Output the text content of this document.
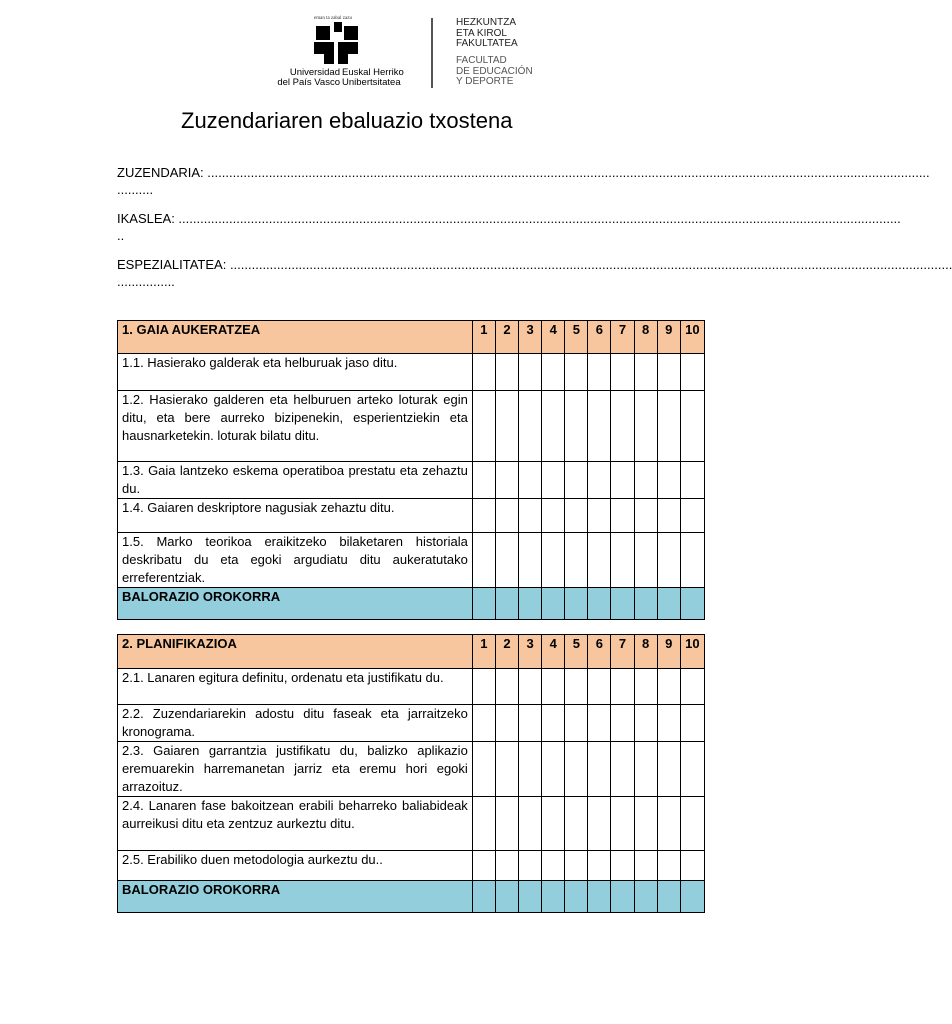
eman ta zabal zazu
Universidad
del País Vasco
Euskal Herriko
Unibertsitatea
HEZKUNTZA
ETA KIROL
FAKULTATEA
FACULTAD
DE EDUCACIÓN
Y DEPORTE
Zuzendariaren ebaluazio txostena
ZUZENDARIA: ........................................................................................................................................................................................................
..........
IKASLEA: ........................................................................................................................................................................................................
..
ESPEZIALITATEA: ........................................................................................................................................................................................................
................
1. GAIA AUKERATZEA	1	2	3	4	5	6	7	8	9	10
1.1. Hasierako galderak eta helburuak jaso ditu.										
1.2. Hasierako galderen eta helburuen arteko loturak egin ditu, eta bere aurreko bizipenekin, esperientziekin eta hausnarketekin. loturak bilatu ditu.										
1.3. Gaia lantzeko eskema operatiboa prestatu eta zehaztu du.										
1.4. Gaiaren deskriptore nagusiak zehaztu ditu.										
1.5. Marko teorikoa eraikitzeko bilaketaren historiala deskribatu du eta egoki argudiatu ditu aukeratutako erreferentziak.										
BALORAZIO OROKORRA										
2. PLANIFIKAZIOA	1	2	3	4	5	6	7	8	9	10
2.1. Lanaren egitura definitu, ordenatu eta justifikatu du.										
2.2. Zuzendariarekin adostu ditu faseak eta jarraitzeko kronograma.										
2.3. Gaiaren garrantzia justifikatu du, balizko aplikazio eremuarekin harremanetan jarriz eta eremu hori egoki arrazoituz.										
2.4. Lanaren fase bakoitzean erabili beharreko baliabideak aurreikusi ditu eta zentzuz aurkeztu ditu.										
2.5. Erabiliko duen metodologia aurkeztu du..										
BALORAZIO OROKORRA										
